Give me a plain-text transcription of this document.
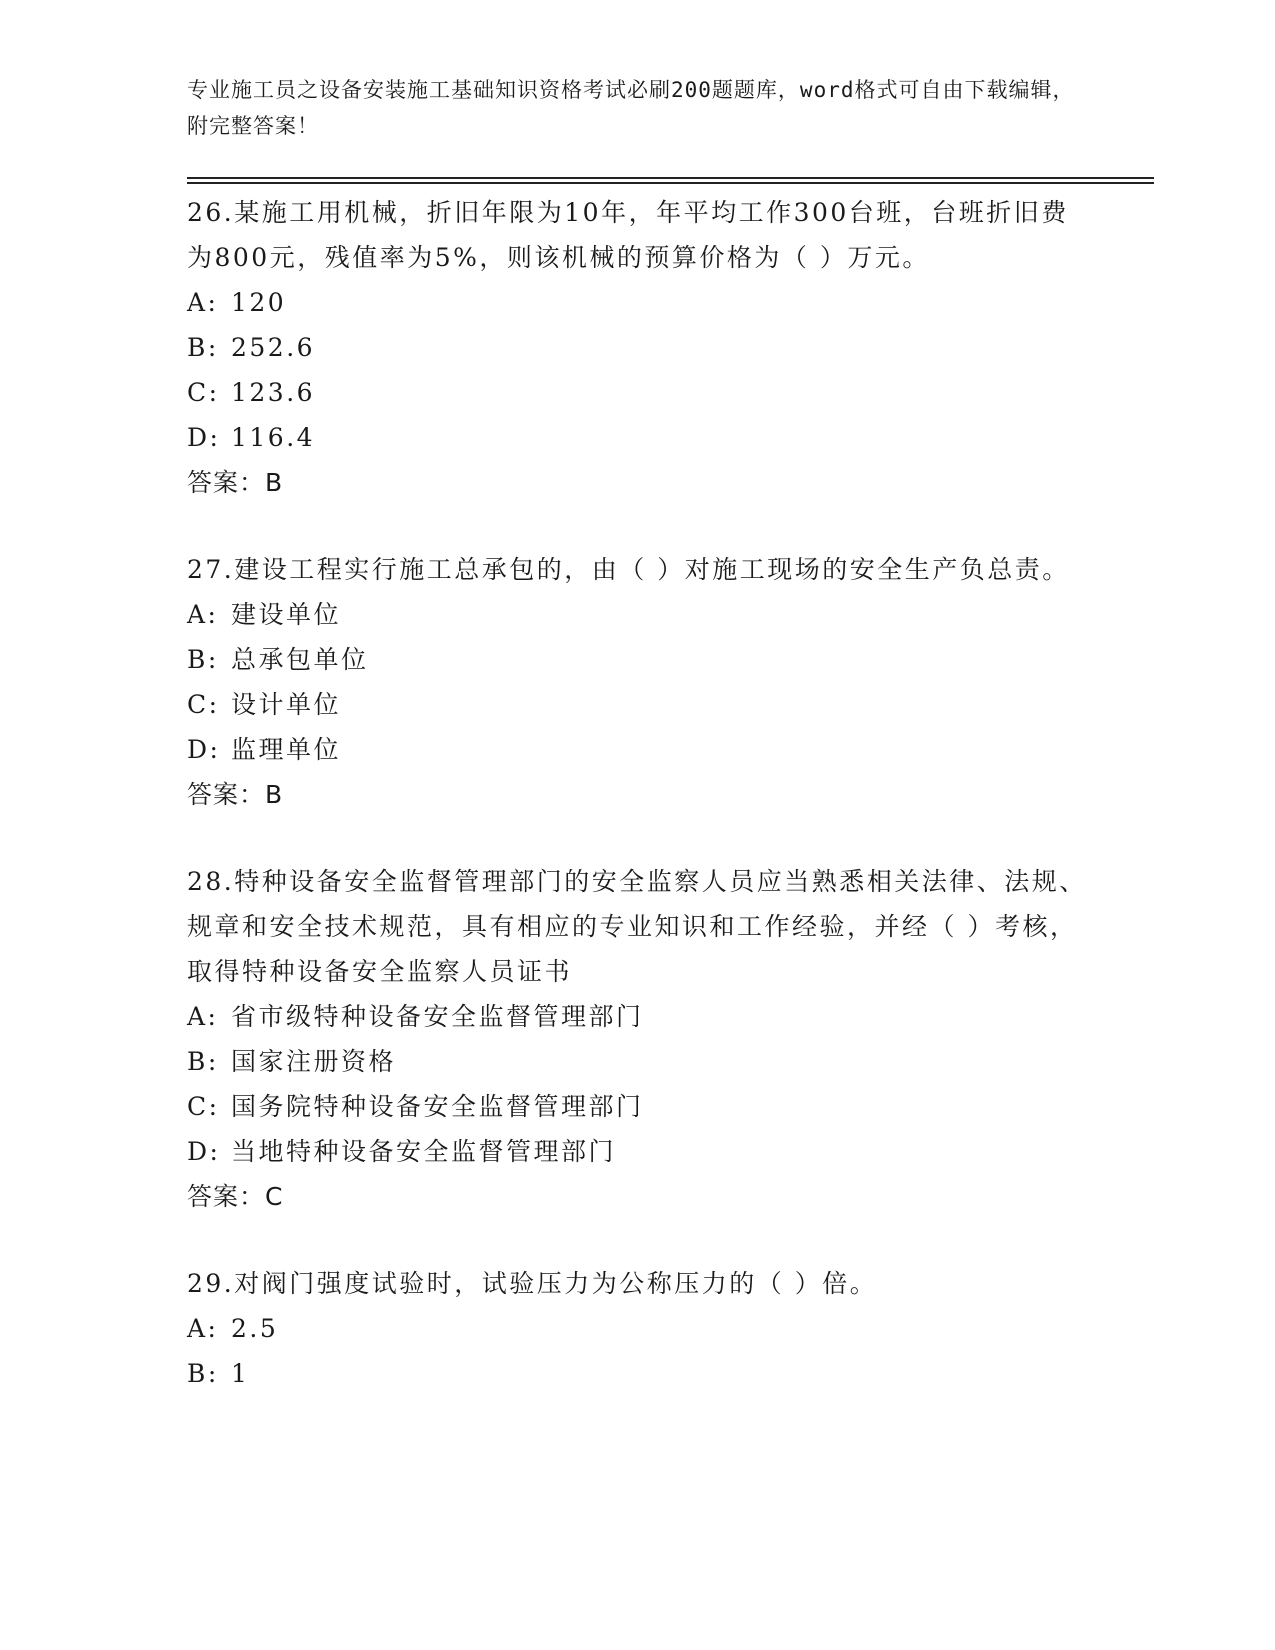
专业施工员之设备安装施工基础知识资格考试必刷200题题库，word格式可自由下载编辑，附完整答案！

26.某施工用机械，折旧年限为10年，年平均工作300台班，台班折旧费为800元，残值率为5%，则该机械的预算价格为（ ）万元。

A: 120
B: 252.6
C: 123.6
D: 116.4
答案：B

27.建设工程实行施工总承包的，由（ ）对施工现场的安全生产负总责。

A: 建设单位
B: 总承包单位
C: 设计单位
D: 监理单位
答案：B

28.特种设备安全监督管理部门的安全监察人员应当熟悉相关法律、法规、规章和安全技术规范，具有相应的专业知识和工作经验，并经（ ）考核，取得特种设备安全监察人员证书

A: 省市级特种设备安全监督管理部门
B: 国家注册资格
C: 国务院特种设备安全监督管理部门
D: 当地特种设备安全监督管理部门
答案：C

29.对阀门强度试验时，试验压力为公称压力的（ ）倍。

A: 2.5
B: 1
